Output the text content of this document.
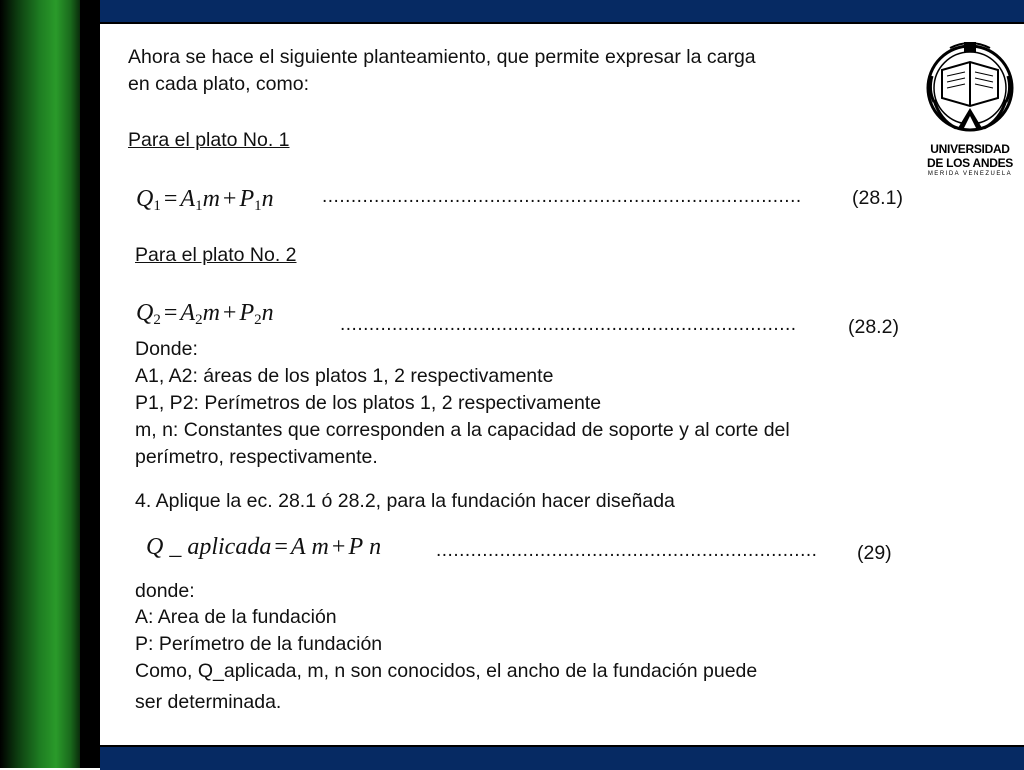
Ahora se hace el siguiente planteamiento, que permite expresar la carga
en cada plato, como:
Para el plato No. 1
$Q_1 = A_1m + P_1n$	...................................................................................	(28.1)
Para el plato No. 2
$Q_2 = A_2m + P_2n$	...............................................................................	(28.2)
Donde:
A1, A2: áreas de los platos 1, 2 respectivamente
P1, P2: Perímetros de los platos 1, 2 respectivamente
m, n: Constantes que corresponden a la capacidad de soporte y al corte del
perímetro, respectivamente.
4. Aplique la ec. 28.1 ó 28.2, para la fundación hacer diseñada
Q _ aplicada = A m + P n	.................................................................. (29)
donde:
A: Area de la fundación
P: Perímetro de la fundación
Como, Q_aplicada, m, n son conocidos, el ancho de la fundación puede
ser determinada.
UNIVERSIDAD
DE LOS ANDES
MERIDA VENEZUELA
